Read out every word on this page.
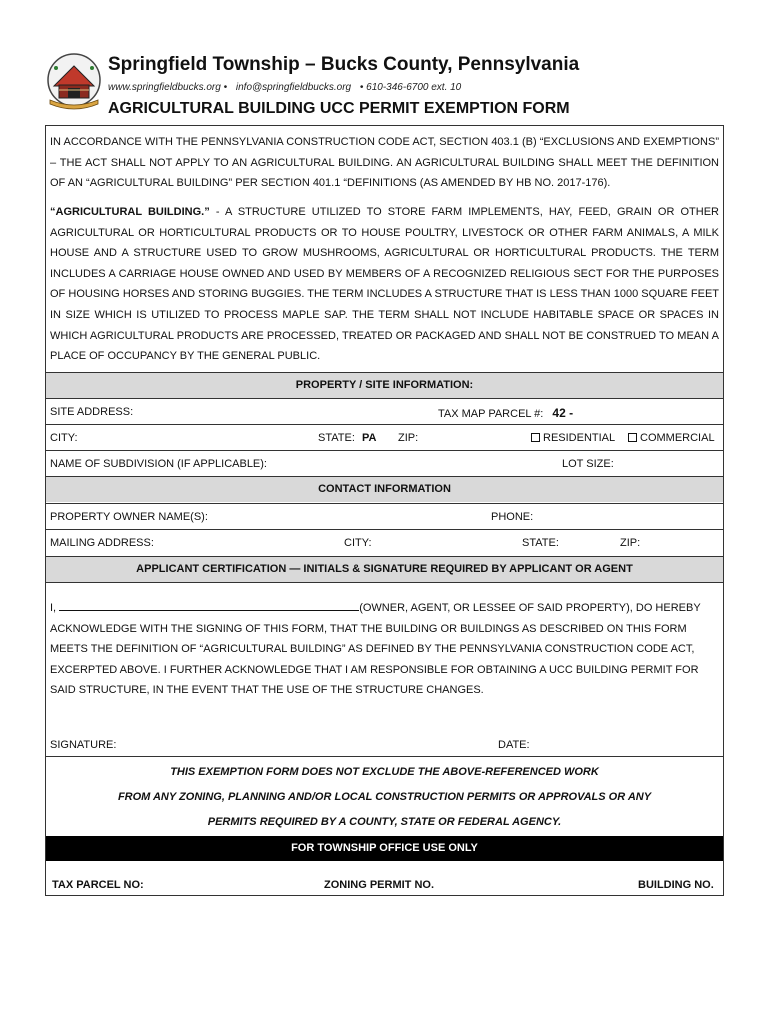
Springfield Township – Bucks County, Pennsylvania
www.springfieldbucks.org • info@springfieldbucks.org • 610-346-6700 ext. 10
AGRICULTURAL BUILDING UCC PERMIT EXEMPTION FORM
IN ACCORDANCE WITH THE PENNSYLVANIA CONSTRUCTION CODE ACT, SECTION 403.1 (B) “EXCLUSIONS AND EXEMPTIONS” – THE ACT SHALL NOT APPLY TO AN AGRICULTURAL BUILDING. AN AGRICULTURAL BUILDING SHALL MEET THE DEFINITION OF AN “AGRICULTURAL BUILDING” PER SECTION 401.1 “DEFINITIONS (AS AMENDED BY HB NO. 2017-176).
“AGRICULTURAL BUILDING.” - A STRUCTURE UTILIZED TO STORE FARM IMPLEMENTS, HAY, FEED, GRAIN OR OTHER AGRICULTURAL OR HORTICULTURAL PRODUCTS OR TO HOUSE POULTRY, LIVESTOCK OR OTHER FARM ANIMALS, A MILK HOUSE AND A STRUCTURE USED TO GROW MUSHROOMS, AGRICULTURAL OR HORTICULTURAL PRODUCTS. THE TERM INCLUDES A CARRIAGE HOUSE OWNED AND USED BY MEMBERS OF A RECOGNIZED RELIGIOUS SECT FOR THE PURPOSES OF HOUSING HORSES AND STORING BUGGIES. THE TERM INCLUDES A STRUCTURE THAT IS LESS THAN 1000 SQUARE FEET IN SIZE WHICH IS UTILIZED TO PROCESS MAPLE SAP. THE TERM SHALL NOT INCLUDE HABITABLE SPACE OR SPACES IN WHICH AGRICULTURAL PRODUCTS ARE PROCESSED, TREATED OR PACKAGED AND SHALL NOT BE CONSTRUED TO MEAN A PLACE OF OCCUPANCY BY THE GENERAL PUBLIC.
PROPERTY / SITE INFORMATION:
SITE ADDRESS:	TAX MAP PARCEL #: 42 -
CITY:	STATE: PA ZIP:	RESIDENTIAL	COMMERCIAL
NAME OF SUBDIVISION (IF APPLICABLE):	LOT SIZE:
CONTACT INFORMATION
PROPERTY OWNER NAME(S):	PHONE:
MAILING ADDRESS:	CITY:	STATE:	ZIP:
APPLICANT CERTIFICATION — INITIALS & SIGNATURE REQUIRED BY APPLICANT OR AGENT
I,	(OWNER, AGENT, OR LESSEE OF SAID PROPERTY), DO HEREBY ACKNOWLEDGE WITH THE SIGNING OF THIS FORM, THAT THE BUILDING OR BUILDINGS AS DESCRIBED ON THIS FORM MEETS THE DEFINITION OF “AGRICULTURAL BUILDING” AS DEFINED BY THE PENNSYLVANIA CONSTRUCTION CODE ACT, EXCERPTED ABOVE. I FURTHER ACKNOWLEDGE THAT I AM RESPONSIBLE FOR OBTAINING A UCC BUILDING PERMIT FOR SAID STRUCTURE, IN THE EVENT THAT THE USE OF THE STRUCTURE CHANGES.
SIGNATURE:	DATE:
THIS EXEMPTION FORM DOES NOT EXCLUDE THE ABOVE-REFERENCED WORK
FROM ANY ZONING, PLANNING AND/OR LOCAL CONSTRUCTION PERMITS OR APPROVALS OR ANY
PERMITS REQUIRED BY A COUNTY, STATE OR FEDERAL AGENCY.
FOR TOWNSHIP OFFICE USE ONLY
TAX PARCEL NO:	ZONING PERMIT NO.	BUILDING NO.
